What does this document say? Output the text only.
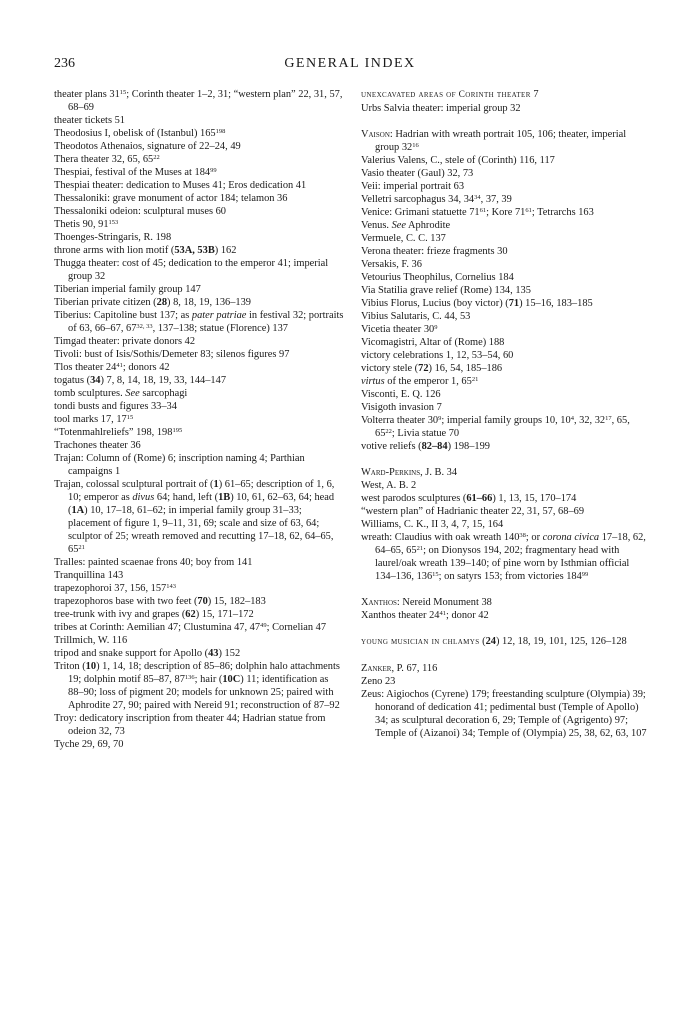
236	GENERAL INDEX

theater plans $31^{15}$; Corinth theater 1–2, 31; “western plan” 22, 31, 57, 68–69

theater tickets 51

Theodosius I, obelisk of (Istanbul) $165^{198}$

Theodotos Athenaios, signature of 22–24, 49

Thera theater 32, 65, $65^{22}$

Thespiai, festival of the Muses at $184^{99}$

Thespiai theater: dedication to Muses 41; Eros dedication 41

Thessaloniki: grave monument of actor 184; telamon 36

Thessaloniki odeion: sculptural muses 60

Thetis 90, $91^{153}$

Thoenges-Stringaris, R. 198

throne arms with lion motif (53A, 53B) 162

Thugga theater: cost of 45; dedication to the emperor 41; imperial group 32

Tiberian imperial family group 147

Tiberian private citizen (28) 8, 18, 19, 136–139

Tiberius: Capitoline bust 137; as pater patriae in festival 32; portraits of 63, 66–67, 67$^{32, 33}$, 137–138; statue (Florence) 137

Timgad theater: private donors 42

Tivoli: bust of Isis/Sothis/Demeter 83; silenos figures 97

Tlos theater $24^{41}$; donors 42

togatus (34) 7, 8, 14, 18, 19, 33, 144–147

tomb sculptures. See sarcophagi

tondi busts and figures 33–34

tool marks 17, $17^{15}$

“Totenmahlreliefs” 198, $198^{195}$

Trachones theater 36

Trajan: Column of (Rome) 6; inscription naming 4; Parthian campaigns 1

Trajan, colossal sculptural portrait of (1) 61–65; description of 1, 6, 10; emperor as divus 64; hand, left (1B) 10, 61, 62–63, 64; head (1A) 10, 17–18, 61–62; in imperial family group 31–33; placement of figure 1, 9–11, 31, 69; scale and size of 63, 64; sculptor of 25; wreath removed and recutting 17–18, 62, 64–65, $65^{21}$

Tralles: painted scaenae frons 40; boy from 141

Tranquillina 143

trapezophoroi 37, 156, $157^{143}$

trapezophoros base with two feet (70) 15, 182–183

tree-trunk with ivy and grapes (62) 15, 171–172

tribes at Corinth: Aemilian 47; Clustumina 47, $47^{49}$; Cornelian 47

Trillmich, W. 116

tripod and snake support for Apollo (43) 152

Triton (10) 1, 14, 18; description of 85–86; dolphin halo attachments 19; dolphin motif 85–87, $87^{136}$; hair (10C) 11; identification as 88–90; loss of pigment 20; models for unknown 25; paired with Aphrodite 27, 90; paired with Nereid 91; reconstruction of 87–92

Troy: dedicatory inscription from theater 44; Hadrian statue from odeion 32, 73

Tyche 29, 69, 70

unexcavated areas of Corinth theater 7

Urbs Salvia theater: imperial group 32

Vaison: Hadrian with wreath portrait 105, 106; theater, imperial group $32^{16}$

Valerius Valens, C., stele of (Corinth) 116, 117

Vasio theater (Gaul) 32, 73

Veii: imperial portrait 63

Velletri sarcophagus 34, $34^{34}$, 37, 39

Venice: Grimani statuette $71^{61}$; Kore $71^{61}$; Tetrarchs 163

Venus. See Aphrodite

Vermuele, C. C. 137

Verona theater: frieze fragments 30

Versakis, F. 36

Vetourius Theophilus, Cornelius 184

Via Statilia grave relief (Rome) 134, 135

Vibius Florus, Lucius (boy victor) (71) 15–16, 183–185

Vibius Salutaris, C. 44, 53

Vicetia theater $30^9$

Vicomagistri, Altar of (Rome) 188

victory celebrations 1, 12, 53–54, 60

victory stele (72) 16, 54, 185–186

virtus of the emperor 1, $65^{21}$

Visconti, E. Q. 126

Visigoth invasion 7

Volterra theater $30^9$; imperial family groups 10, $10^4$, 32, $32^{17}$, 65, $65^{22}$; Livia statue 70

votive reliefs (82–84) 198–199

Ward-Perkins, J. B. 34

West, A. B. 2

west parodos sculptures (61–66) 1, 13, 15, 170–174

“western plan” of Hadrianic theater 22, 31, 57, 68–69

Williams, C. K., II 3, 4, 7, 15, 164

wreath: Claudius with oak wreath $140^{38}$; or corona civica 17–18, 62, 64–65, $65^{21}$; on Dionysos 194, 202; fragmentary head with laurel/oak wreath 139–140; of pine worn by Isthmian official 134–136, $136^{15}$; on satyrs 153; from victories $184^{99}$

Xanthos: Nereid Monument 38

Xanthos theater $24^{41}$; donor 42

young musician in chlamys (24) 12, 18, 19, 101, 125, 126–128

Zanker, P. 67, 116

Zeno 23

Zeus: Aigiochos (Cyrene) 179; freestanding sculpture (Olympia) 39; honorand of dedication 41; pedimental bust (Temple of Apollo) 34; as sculptural decoration 6, 29; Temple of (Agrigento) 97; Temple of (Aizanoi) 34; Temple of (Olympia) 25, 38, 62, 63, 107
